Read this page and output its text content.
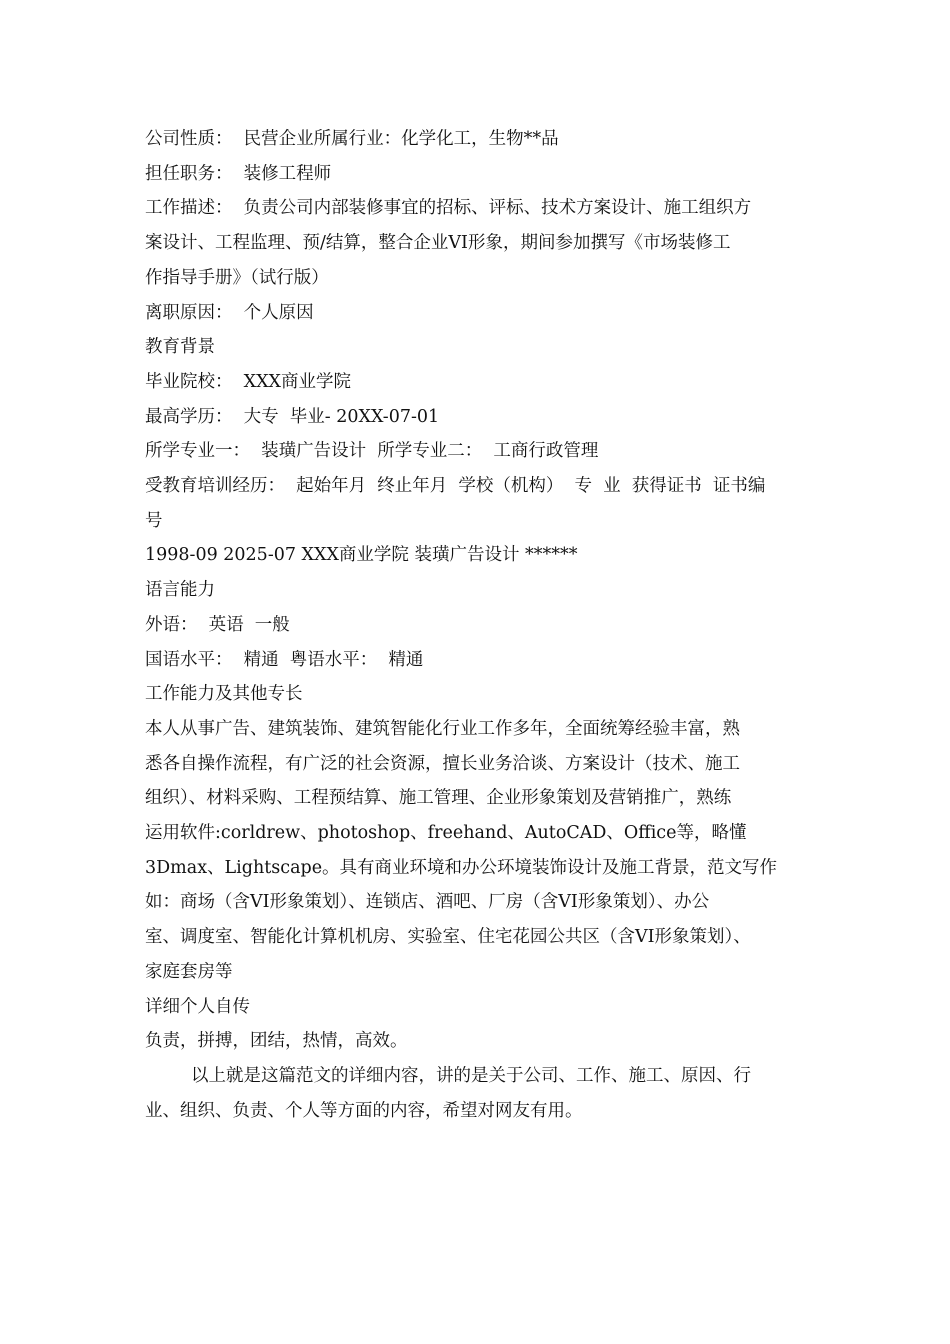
公司性质：  民营企业所属行业：化学化工，生物**品

担任职务：  装修工程师

工作描述：  负责公司内部装修事宜的招标、评标、技术方案设计、施工组织方

案设计、工程监理、预/结算，整合企业VI形象，期间参加撰写《市场装修工

作指导手册》（试行版）

离职原因：  个人原因

教育背景

毕业院校：  XXX商业学院

最高学历：  大专  毕业- 20XX-07-01

所学专业一：  装璜广告设计  所学专业二：  工商行政管理

受教育培训经历：  起始年月  终止年月  学校（机构）  专  业  获得证书  证书编

号

1998-09 2025-07 XXX商业学院 装璜广告设计 ******

语言能力

外语：  英语  一般

国语水平：  精通  粤语水平：  精通

工作能力及其他专长

本人从事广告、建筑装饰、建筑智能化行业工作多年，全面统筹经验丰富，熟

悉各自操作流程，有广泛的社会资源，擅长业务洽谈、方案设计（技术、施工

组织）、材料采购、工程预结算、施工管理、企业形象策划及营销推广，熟练

运用软件:corldrew、photoshop、freehand、AutoCAD、Office等，略懂

3Dmax、Lightscape。具有商业环境和办公环境装饰设计及施工背景，范文写作

如：商场（含VI形象策划）、连锁店、酒吧、厂房（含VI形象策划）、办公

室、调度室、智能化计算机机房、实验室、住宅花园公共区（含VI形象策划）、

家庭套房等

详细个人自传

负责，拼搏，团结，热情，高效。

以上就是这篇范文的详细内容，讲的是关于公司、工作、施工、原因、行

业、组织、负责、个人等方面的内容，希望对网友有用。
